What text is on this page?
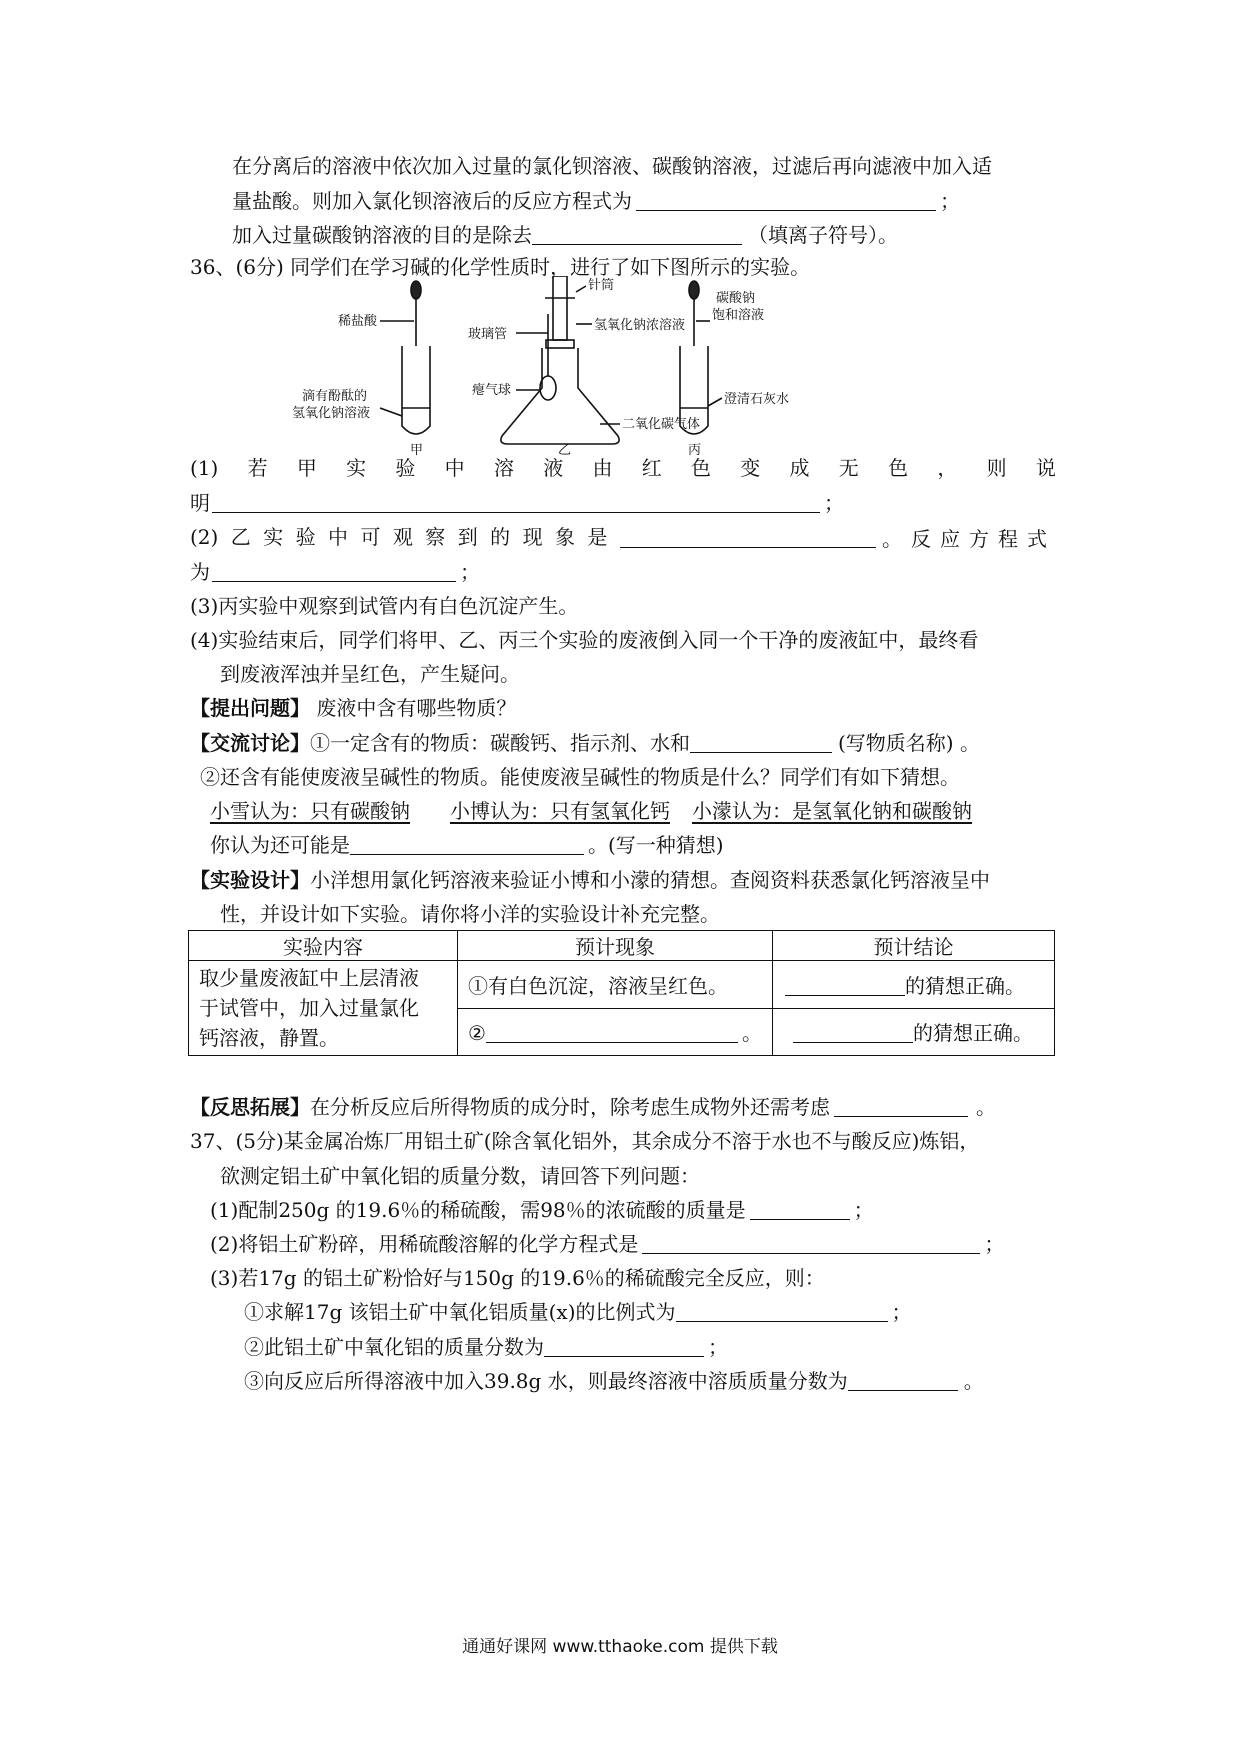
在分离后的溶液中依次加入过量的氯化钡溶液、碳酸钠溶液，过滤后再向滤液中加入适
量盐酸。则加入氯化钡溶液后的反应方程式为	；
加入过量碳酸钠溶液的目的是除去	（填离子符号）。
36、(6分) 同学们在学习碱的化学性质时，进行了如下图所示的实验。
稀盐酸
滴有酚酞的
氢氧化钠溶液
针筒
玻璃管
氢氧化钠浓溶液
瘪气球
二氧化碳气体
碳酸钠
饱和溶液
澄清石灰水
甲	乙	丙
(1) 若 甲 实 验 中 溶 液 由 红 色 变 成 无 色 ， 则 说
明	；
(2) 乙 实 验 中 可 观 察 到 的 现 象 是	。反应方程式
为	；
(3)丙实验中观察到试管内有白色沉淀产生。
(4)实验结束后，同学们将甲、乙、丙三个实验的废液倒入同一个干净的废液缸中，最终看
到废液浑浊并呈红色，产生疑问。
【提出问题】 废液中含有哪些物质？
【交流讨论】①一定含有的物质：碳酸钙、指示剂、水和	(写物质名称) 。
②还含有能使废液呈碱性的物质。能使废液呈碱性的物质是什么？同学们有如下猜想。
小雪认为：只有碳酸钠 小博认为：只有氢氧化钙 小濛认为：是氢氧化钠和碳酸钠
你认为还可能是	。(写一种猜想)
【实验设计】小洋想用氯化钙溶液来验证小博和小濛的猜想。查阅资料获悉氯化钙溶液呈中
性，并设计如下实验。请你将小洋的实验设计补充完整。
实验内容	预计现象	预计结论

取少量废液缸中上层清液
于试管中，加入过量氯化
钙溶液，静置。	①有白色沉淀，溶液呈红色。	的猜想正确。
	② 。	的猜想正确。
【反思拓展】在分析反应后所得物质的成分时，除考虑生成物外还需考虑	。
37、(5分)某金属冶炼厂用铝土矿(除含氧化铝外，其余成分不溶于水也不与酸反应)炼铝，
欲测定铝土矿中氧化铝的质量分数，请回答下列问题：
(1)配制250g 的19.6％的稀硫酸，需98％的浓硫酸的质量是	；
(2)将铝土矿粉碎，用稀硫酸溶解的化学方程式是	；
(3)若17g 的铝土矿粉恰好与150g 的19.6％的稀硫酸完全反应，则：
①求解17g 该铝土矿中氧化铝质量(x)的比例式为	；
②此铝土矿中氧化铝的质量分数为	；
③向反应后所得溶液中加入39.8g 水，则最终溶液中溶质质量分数为	。
通通好课网 www.tthaoke.com 提供下载
